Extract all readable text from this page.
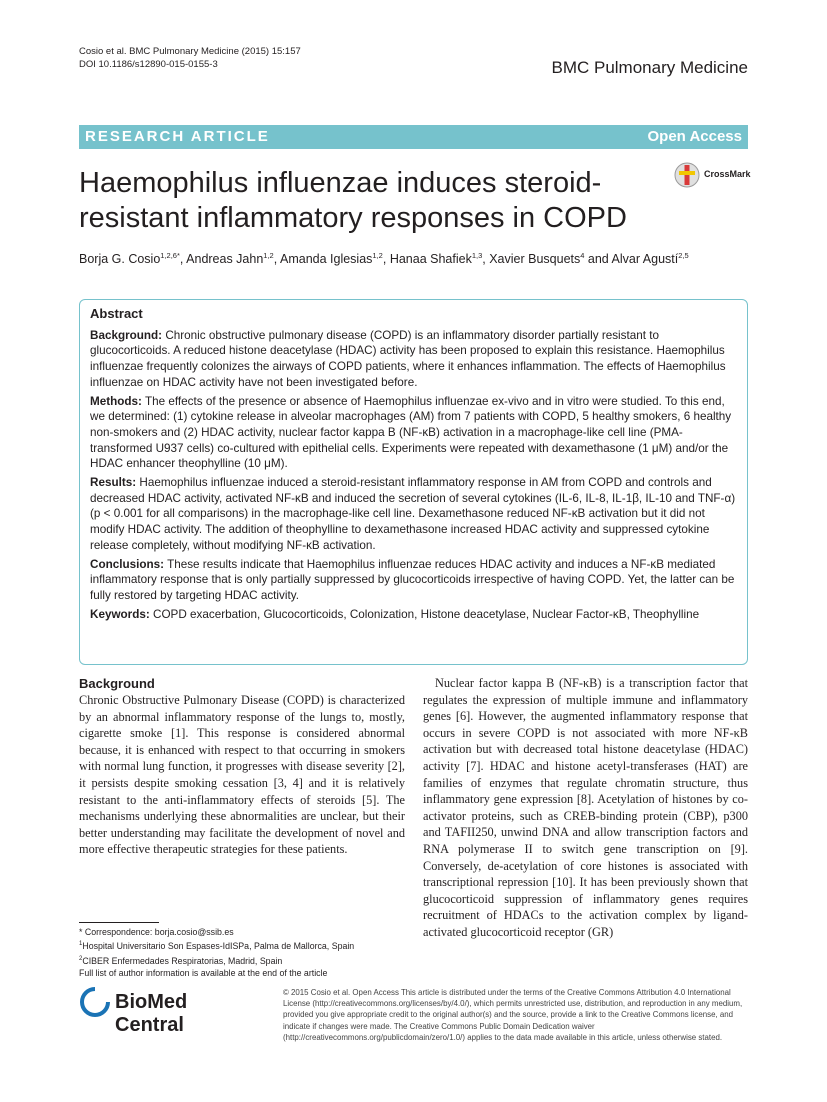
Cosio et al. BMC Pulmonary Medicine (2015) 15:157
DOI 10.1186/s12890-015-0155-3	BMC Pulmonary Medicine
RESEARCH ARTICLE	Open Access
Haemophilus influenzae induces steroid-resistant inflammatory responses in COPD
CrossMark
Borja G. Cosio$^{1,2,6*}$, Andreas Jahn$^{1,2}$, Amanda Iglesias$^{1,2}$, Hanaa Shafiek$^{1,3}$, Xavier Busquets$^4$ and Alvar Agustí$^{2,5}$
Abstract

Background: Chronic obstructive pulmonary disease (COPD) is an inflammatory disorder partially resistant to glucocorticoids. A reduced histone deacetylase (HDAC) activity has been proposed to explain this resistance. Haemophilus influenzae frequently colonizes the airways of COPD patients, where it enhances inflammation. The effects of Haemophilus influenzae on HDAC activity have not been investigated before.

Methods: The effects of the presence or absence of Haemophilus influenzae ex-vivo and in vitro were studied. To this end, we determined: (1) cytokine release in alveolar macrophages (AM) from 7 patients with COPD, 5 healthy smokers, 6 healthy non-smokers and (2) HDAC activity, nuclear factor kappa B (NF-κB) activation in a macrophage-like cell line (PMA-transformed U937 cells) co-cultured with epithelial cells. Experiments were repeated with dexamethasone (1 μM) and/or the HDAC enhancer theophylline (10 μM).

Results: Haemophilus influenzae induced a steroid-resistant inflammatory response in AM from COPD and controls and decreased HDAC activity, activated NF-κB and induced the secretion of several cytokines (IL-6, IL-8, IL-1β, IL-10 and TNF-α) (p < 0.001 for all comparisons) in the macrophage-like cell line. Dexamethasone reduced NF-κB activation but it did not modify HDAC activity. The addition of theophylline to dexamethasone increased HDAC activity and suppressed cytokine release completely, without modifying NF-κB activation.

Conclusions: These results indicate that Haemophilus influenzae reduces HDAC activity and induces a NF-κB mediated inflammatory response that is only partially suppressed by glucocorticoids irrespective of having COPD. Yet, the latter can be fully restored by targeting HDAC activity.

Keywords: COPD exacerbation, Glucocorticoids, Colonization, Histone deacetylase, Nuclear Factor-κB, Theophylline

Background

Chronic Obstructive Pulmonary Disease (COPD) is characterized by an abnormal inflammatory response of the lungs to, mostly, cigarette smoke [1]. This response is considered abnormal because, it is enhanced with respect to that occurring in smokers with normal lung function, it progresses with disease severity [2], it persists despite smoking cessation [3, 4] and it is relatively resistant to the anti-inflammatory effects of steroids [5]. The mechanisms underlying these abnormalities are unclear, but their better understanding may facilitate the development of novel and more effective therapeutic strategies for these patients.

Nuclear factor kappa B (NF-κB) is a transcription factor that regulates the expression of multiple immune and inflammatory genes [6]. However, the augmented inflammatory response that occurs in severe COPD is not associated with more NF-κB activation but with decreased total histone deacetylase (HDAC) activity [7]. HDAC and histone acetyl-transferases (HAT) are families of enzymes that regulate chromatin structure, thus inflammatory gene expression [8]. Acetylation of histones by co-activator proteins, such as CREB-binding protein (CBP), p300 and TAFII250, unwind DNA and allow transcription factors and RNA polymerase II to switch gene transcription on [9]. Conversely, de-acetylation of core histones is associated with transcriptional repression [10]. It has been previously shown that glucocorticoid suppression of inflammatory genes requires recruitment of HDACs to the activation complex by ligand-activated glucocorticoid receptor (GR)

* Correspondence: borja.cosio@ssib.es
$^1$Hospital Universitario Son Espases-IdISPa, Palma de Mallorca, Spain
$^2$CIBER Enfermedades Respiratorias, Madrid, Spain
Full list of author information is available at the end of the article
BioMed Central
© 2015 Cosio et al. Open Access This article is distributed under the terms of the Creative Commons Attribution 4.0 International License (http://creativecommons.org/licenses/by/4.0/), which permits unrestricted use, distribution, and reproduction in any medium, provided you give appropriate credit to the original author(s) and the source, provide a link to the Creative Commons license, and indicate if changes were made. The Creative Commons Public Domain Dedication waiver (http://creativecommons.org/publicdomain/zero/1.0/) applies to the data made available in this article, unless otherwise stated.
